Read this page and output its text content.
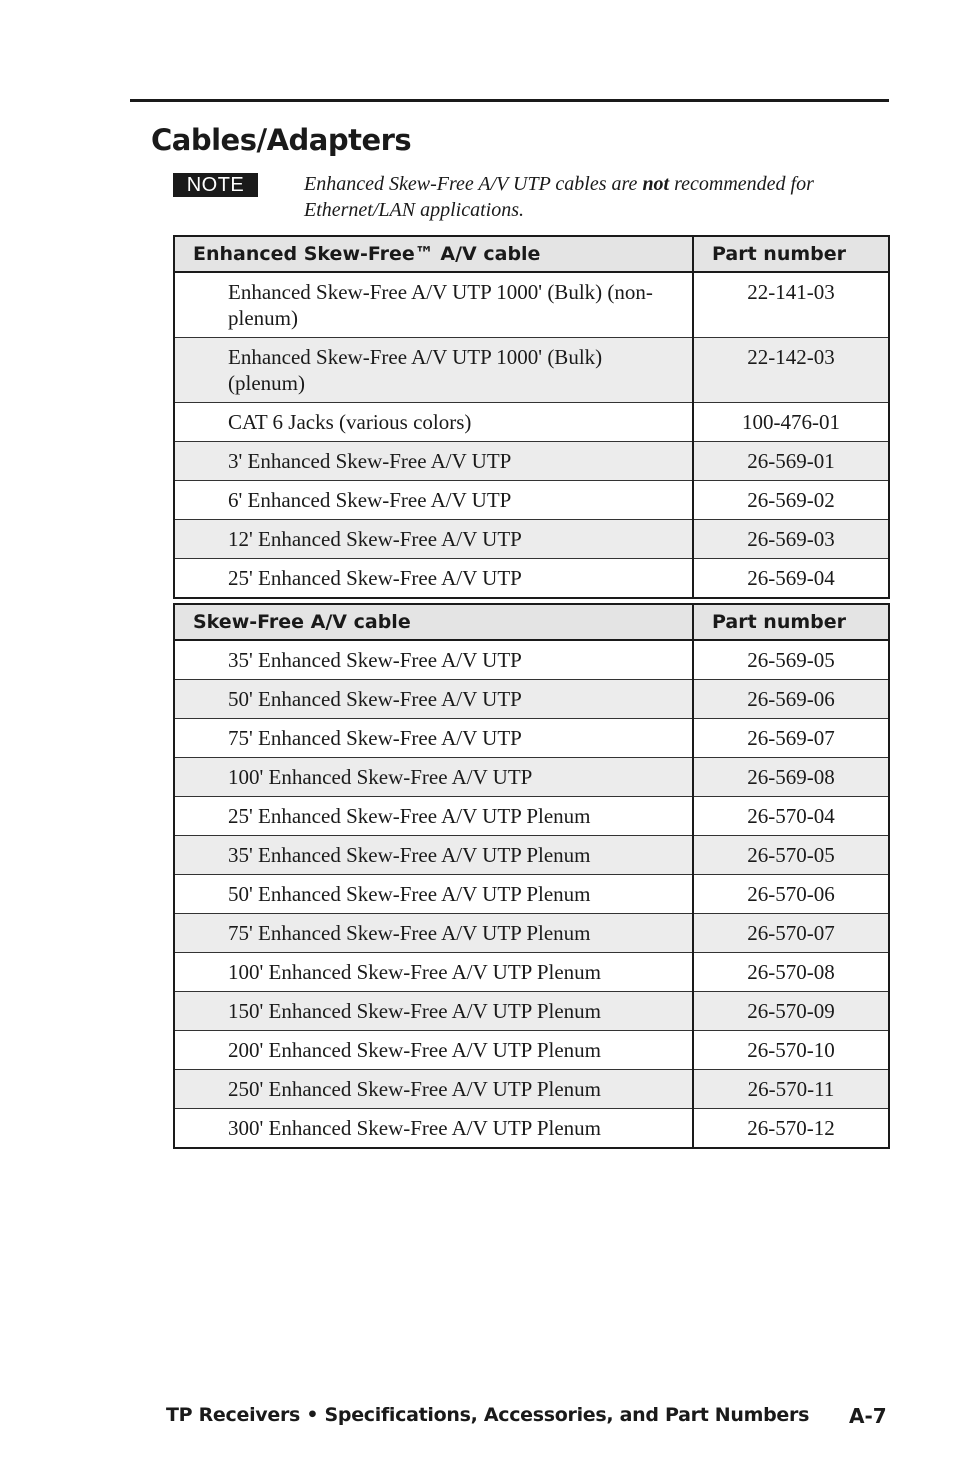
Cables/Adapters
NOTE	Enhanced Skew-Free A/V UTP cables are not recommended for Ethernet/LAN applications.
Enhanced Skew-Free™ A/V cable	Part number
Enhanced Skew-Free A/V UTP 1000' (Bulk) (non-plenum)	22-141-03
Enhanced Skew-Free A/V UTP 1000' (Bulk) (plenum)	22-142-03
CAT 6 Jacks (various colors)	100-476-01
3' Enhanced Skew-Free A/V UTP	26-569-01
6' Enhanced Skew-Free A/V UTP	26-569-02
12' Enhanced Skew-Free A/V UTP	26-569-03
25' Enhanced Skew-Free A/V UTP	26-569-04
Skew-Free A/V cable	Part number
35' Enhanced Skew-Free A/V UTP	26-569-05
50' Enhanced Skew-Free A/V UTP	26-569-06
75' Enhanced Skew-Free A/V UTP	26-569-07
100' Enhanced Skew-Free A/V UTP	26-569-08
25' Enhanced Skew-Free A/V UTP Plenum	26-570-04
35' Enhanced Skew-Free A/V UTP Plenum	26-570-05
50' Enhanced Skew-Free A/V UTP Plenum	26-570-06
75' Enhanced Skew-Free A/V UTP Plenum	26-570-07
100' Enhanced Skew-Free A/V UTP Plenum	26-570-08
150' Enhanced Skew-Free A/V UTP Plenum	26-570-09
200' Enhanced Skew-Free A/V UTP Plenum	26-570-10
250' Enhanced Skew-Free A/V UTP Plenum	26-570-11
300' Enhanced Skew-Free A/V UTP Plenum	26-570-12
TP Receivers • Specifications, Accessories, and Part Numbers A-7
